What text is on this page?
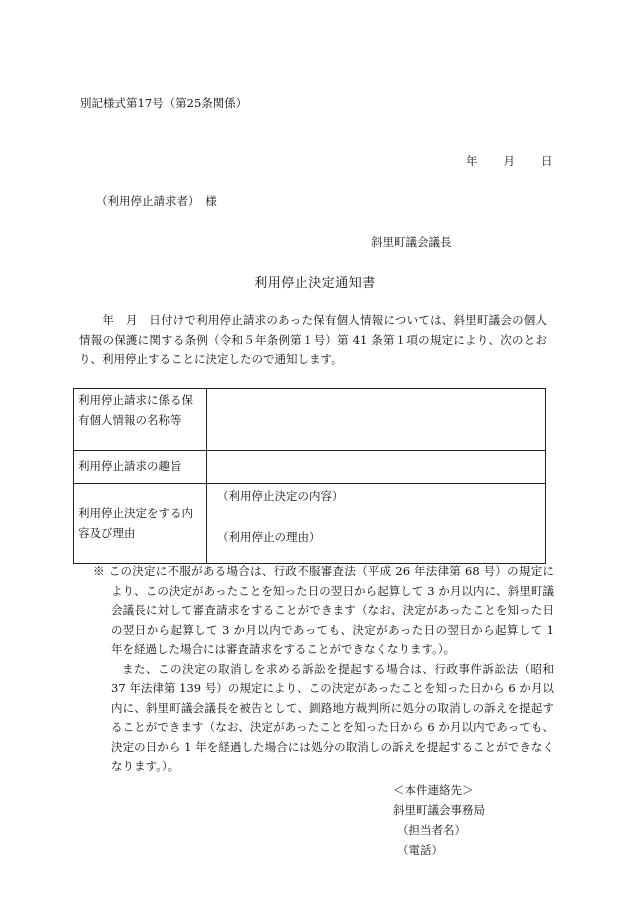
別記様式第17号（第25条関係）

年 月 日

（利用停止請求者）　様

斜里町議会議長

利用停止決定通知書

　　年　月　日付けで利用停止請求のあった保有個人情報については、斜里町議会の個人情報の保護に関する条例（令和５年条例第１号）第 41 条第１項の規定により、次のとおり、利用停止することに決定したので通知します。

利用停止請求に係る保有個人情報の名称等	
利用停止請求の趣旨	
利用停止決定をする内容及び理由	（利用停止決定の内容）
（利用停止の理由）

※ この決定に不服がある場合は、行政不服審査法（平成 26 年法律第 68 号）の規定により、この決定があったことを知った日の翌日から起算して 3 か月以内に、斜里町議会議長に対して審査請求をすることができます（なお、決定があったことを知った日の翌日から起算して 3 か月以内であっても、決定があった日の翌日から起算して 1 年を経過した場合には審査請求をすることができなくなります。）。

また、この決定の取消しを求める訴訟を提起する場合は、行政事件訴訟法（昭和 37 年法律第 139 号）の規定により、この決定があったことを知った日から 6 か月以内に、斜里町議会議長を被告として、釧路地方裁判所に処分の取消しの訴えを提起することができます（なお、決定があったことを知った日から 6 か月以内であっても、決定の日から 1 年を経過した場合には処分の取消しの訴えを提起することができなくなります。）。

＜本件連絡先＞
斜里町議会事務局
（担当者名）
（電話）
